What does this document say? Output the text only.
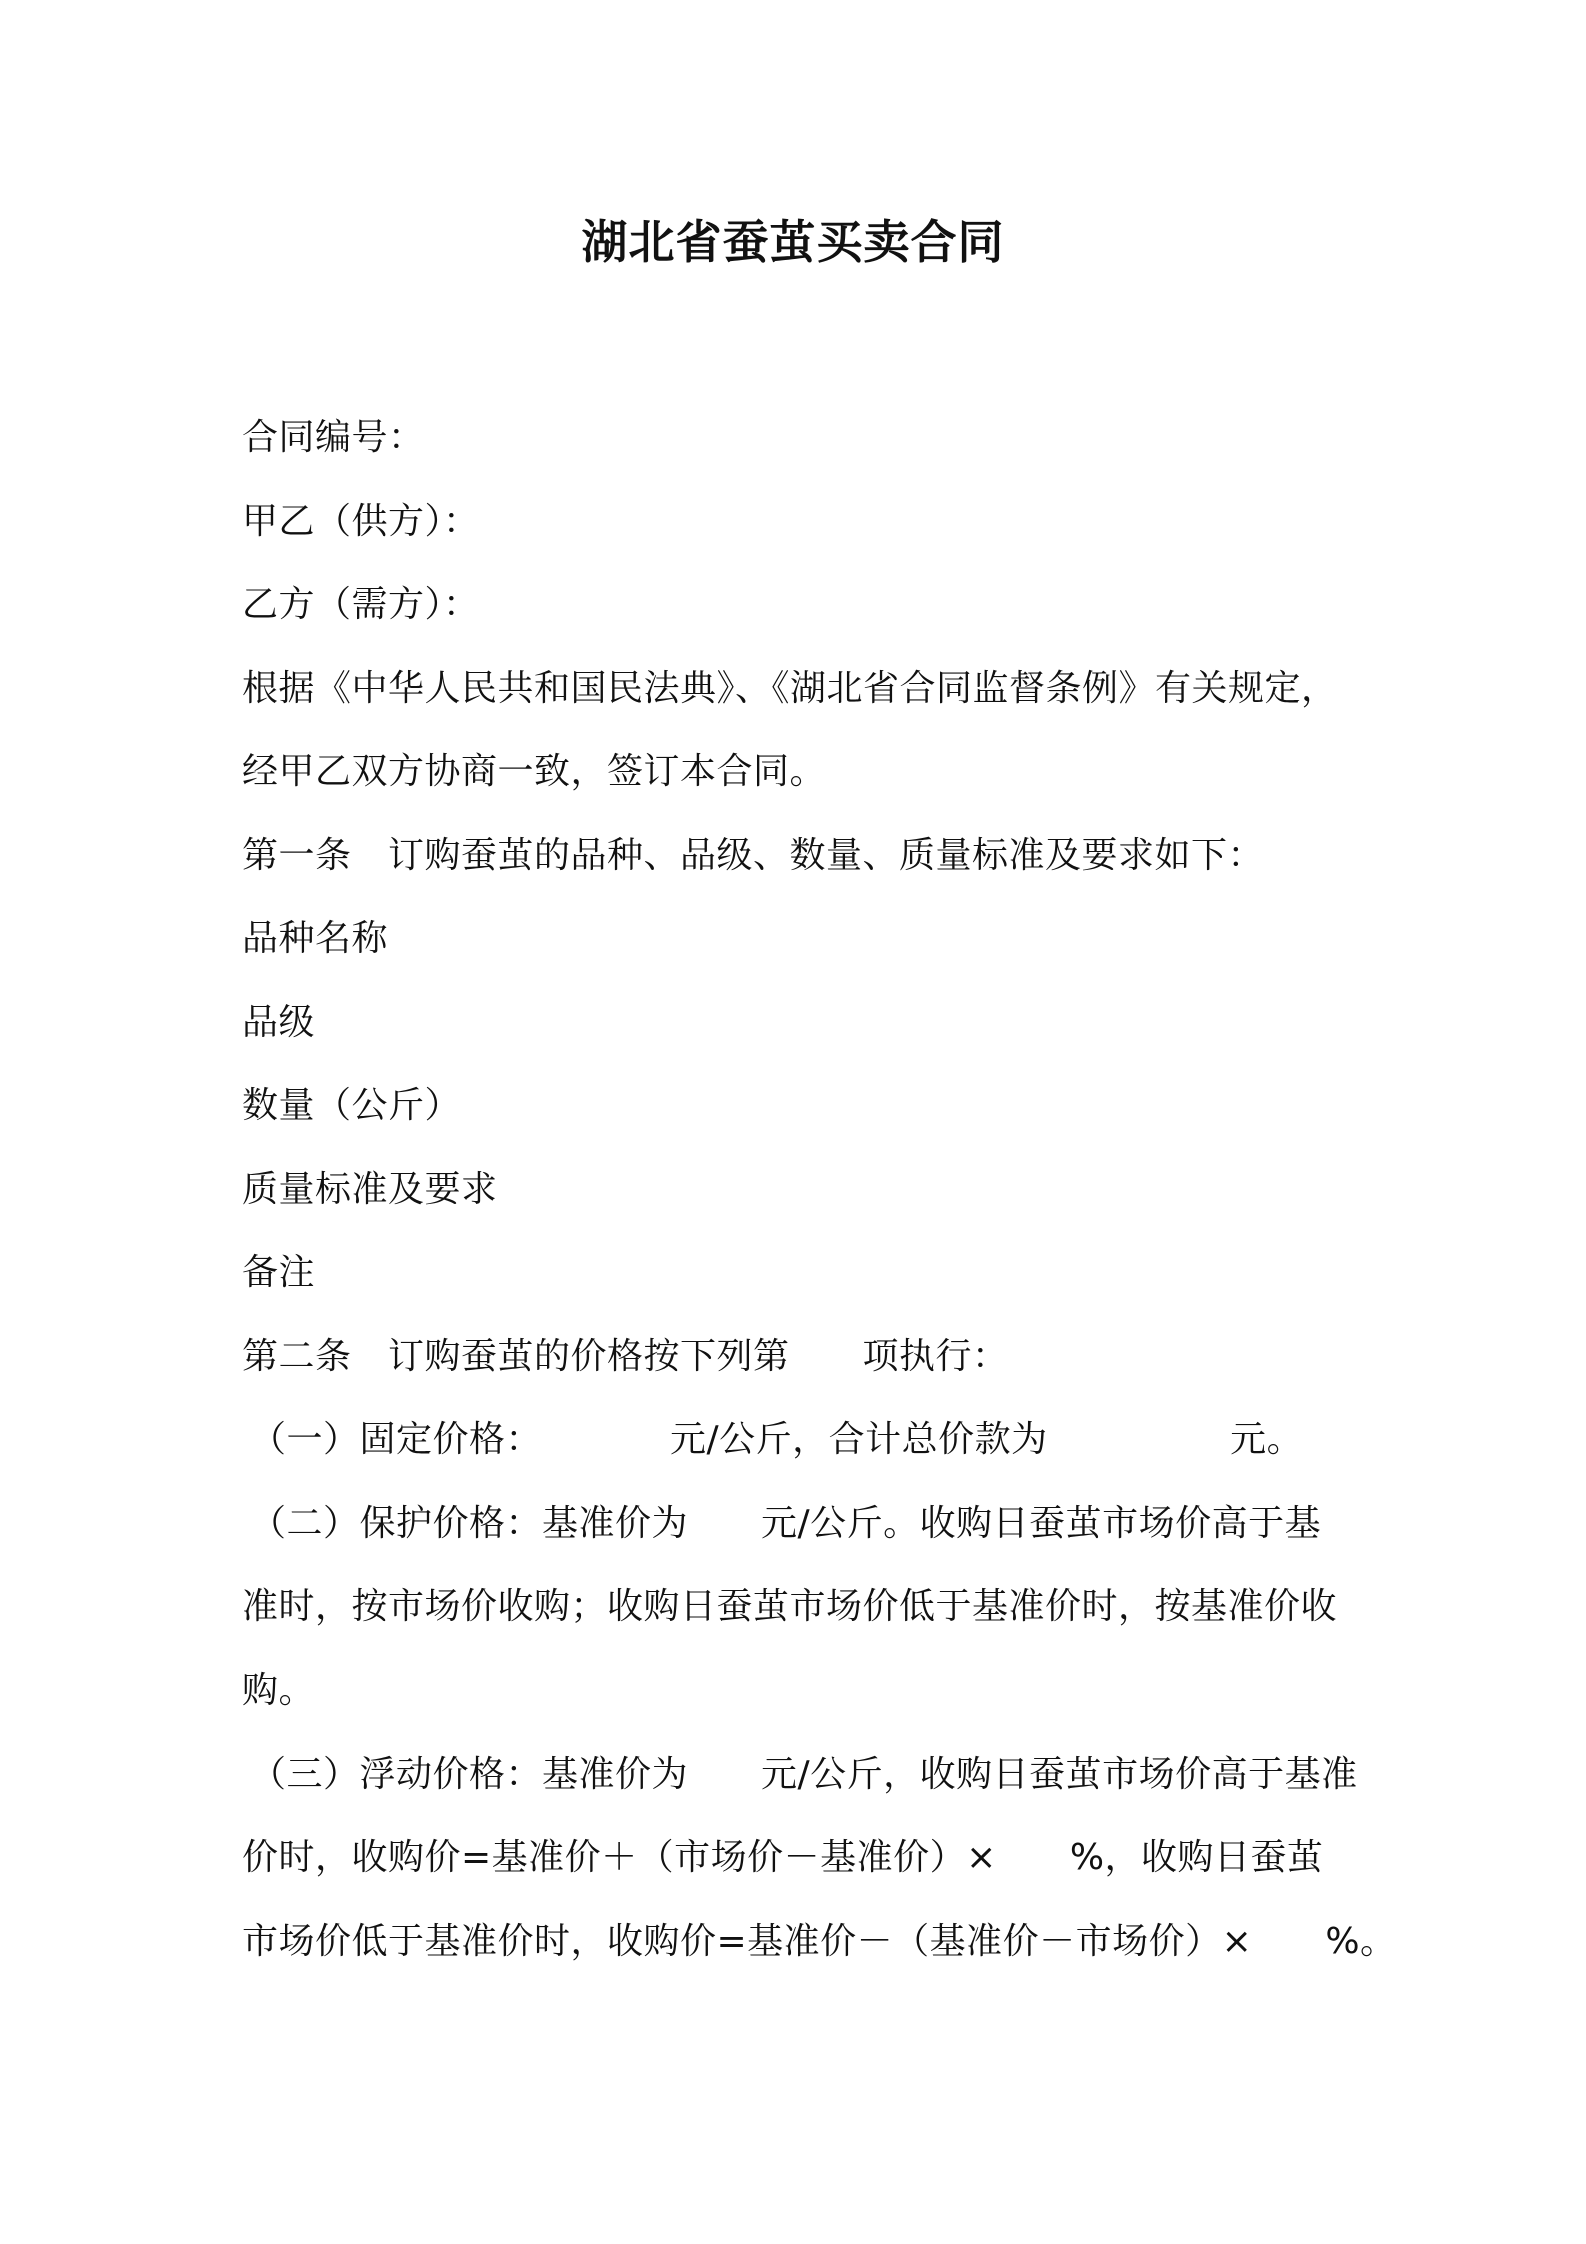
湖北省蚕茧买卖合同
合同编号：
甲乙（供方）：
乙方（需方）：
根据《中华人民共和国民法典》、《湖北省合同监督条例》有关规定，
经甲乙双方协商一致，签订本合同。
第一条　订购蚕茧的品种、品级、数量、质量标准及要求如下：
品种名称
品级
数量（公斤）
质量标准及要求
备注
第二条　订购蚕茧的价格按下列第　　项执行：
（一）固定价格：　　　　元/公斤，合计总价款为　　　　　元。
（二）保护价格：基准价为　　元/公斤。收购日蚕茧市场价高于基
准时，按市场价收购；收购日蚕茧市场价低于基准价时，按基准价收
购。
（三）浮动价格：基准价为　　元/公斤，收购日蚕茧市场价高于基准
价时，收购价=基准价＋（市场价－基准价）×　　%，收购日蚕茧
市场价低于基准价时，收购价=基准价－（基准价－市场价）×　　%。
